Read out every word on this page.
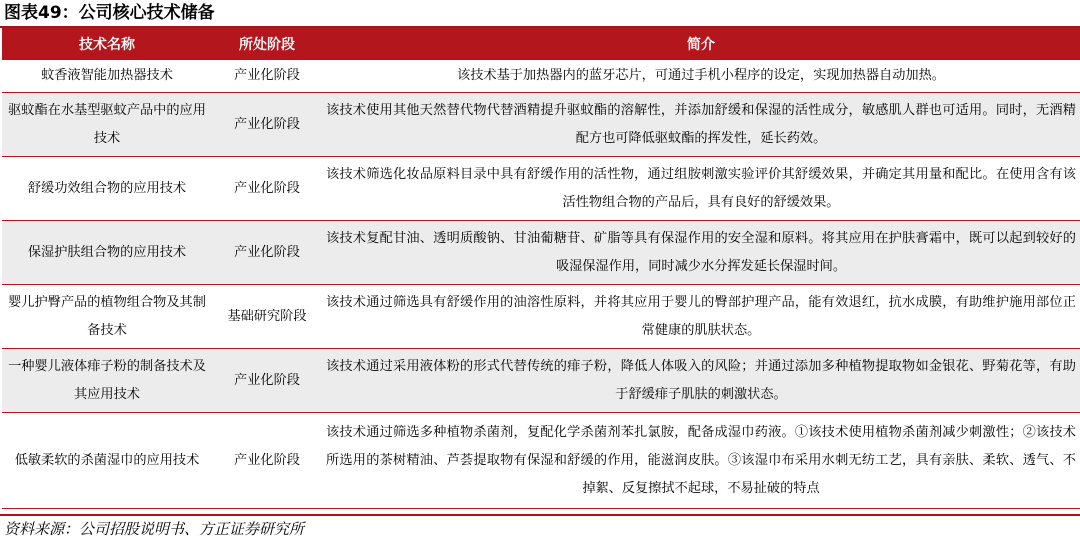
图表49：公司核心技术储备
技术名称	所处阶段	简介
蚊香液智能加热器技术	产业化阶段	该技术基于加热器内的蓝牙芯片，可通过手机小程序的设定，实现加热器自动加热。
驱蚊酯在水基型驱蚊产品中的应用技术	产业化阶段	该技术使用其他天然替代物代替酒精提升驱蚊酯的溶解性，并添加舒缓和保湿的活性成分，敏感肌人群也可适用。同时，无酒精配方也可降低驱蚊酯的挥发性，延长药效。
舒缓功效组合物的应用技术	产业化阶段	该技术筛选化妆品原料目录中具有舒缓作用的活性物，通过组胺刺激实验评价其舒缓效果，并确定其用量和配比。在使用含有该活性物组合物的产品后，具有良好的舒缓效果。
保湿护肤组合物的应用技术	产业化阶段	该技术复配甘油、透明质酸钠、甘油葡糖苷、矿脂等具有保湿作用的安全湿和原料。将其应用在护肤膏霜中，既可以起到较好的吸湿保湿作用，同时减少水分挥发延长保湿时间。
婴儿护臀产品的植物组合物及其制备技术	基础研究阶段	该技术通过筛选具有舒缓作用的油溶性原料，并将其应用于婴儿的臀部护理产品，能有效退红，抗水成膜，有助维护施用部位正常健康的肌肤状态。
一种婴儿液体痱子粉的制备技术及其应用技术	产业化阶段	该技术通过采用液体粉的形式代替传统的痱子粉，降低人体吸入的风险；并通过添加多种植物提取物如金银花、野菊花等，有助于舒缓痱子肌肤的刺激状态。
低敏柔软的杀菌湿巾的应用技术	产业化阶段	该技术通过筛选多种植物杀菌剂，复配化学杀菌剂苯扎氯胺，配备成湿巾药液。①该技术使用植物杀菌剂减少刺激性；②该技术所选用的茶树精油、芦荟提取物有保湿和舒缓的作用，能滋润皮肤。③该湿巾布采用水刺无纺工艺，具有亲肤、柔软、透气、不掉絮、反复擦拭不起球，不易扯破的特点
资料来源：公司招股说明书、方正证券研究所
